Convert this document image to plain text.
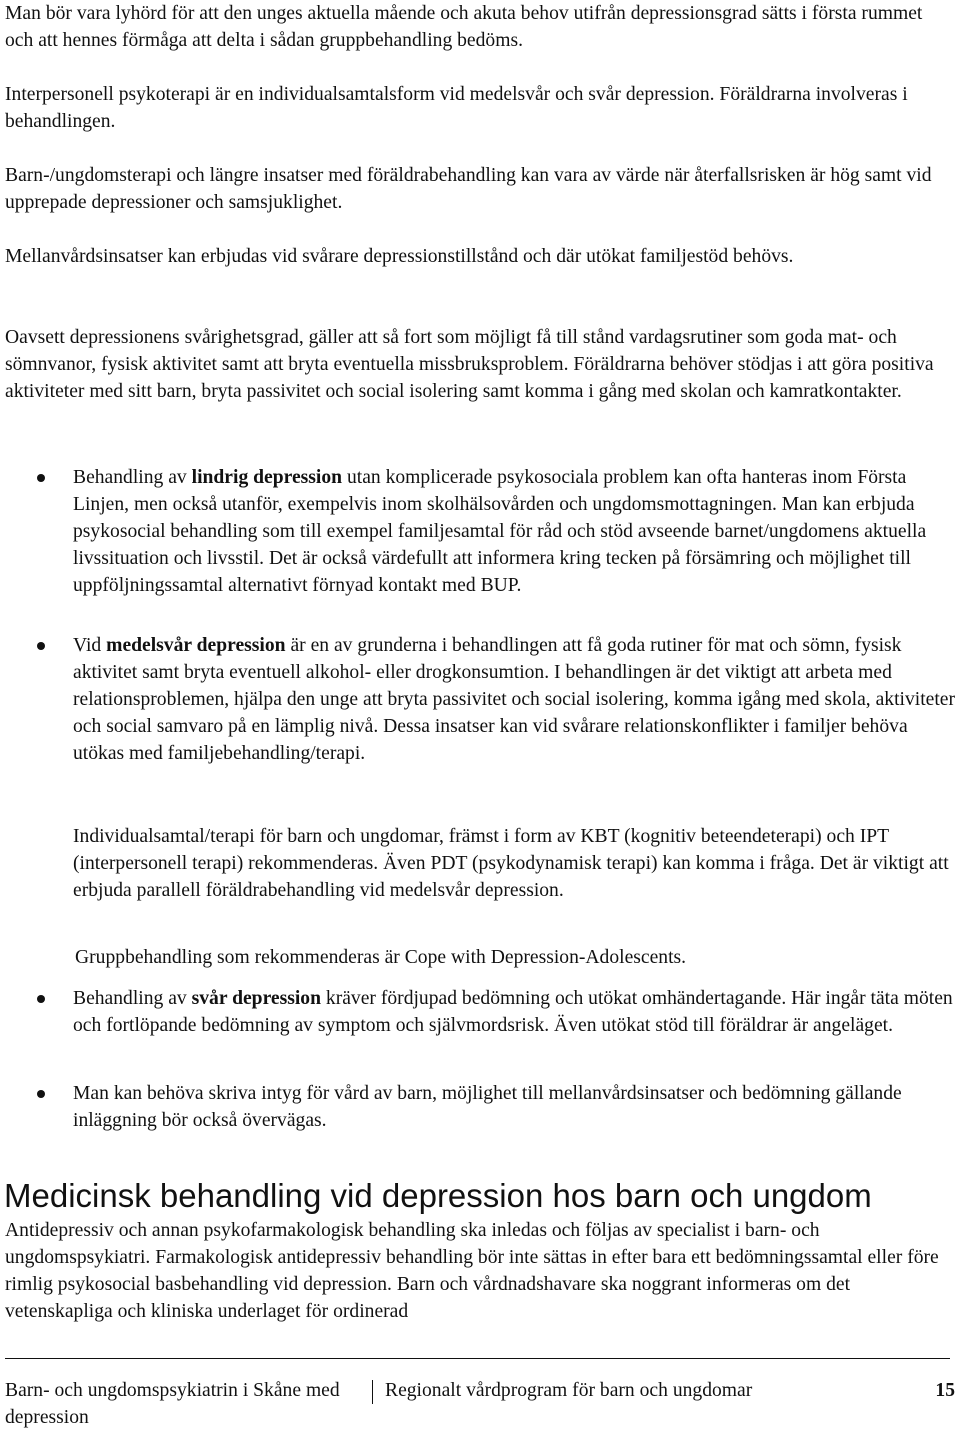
Man bör vara lyhörd för att den unges aktuella mående och akuta behov utifrån depressionsgrad sätts i första rummet och att hennes förmåga att delta i sådan gruppbehandling bedöms.

Interpersonell psykoterapi är en individualsamtalsform vid medelsvår och svår depression. Föräldrarna involveras i behandlingen.

Barn-/ungdomsterapi och längre insatser med föräldrabehandling kan vara av värde när återfallsrisken är hög samt vid upprepade depressioner och samsjuklighet.

Mellanvårdsinsatser kan erbjudas vid svårare depressionstillstånd och där utökat familjestöd behövs.

Oavsett depressionens svårighetsgrad, gäller att så fort som möjligt få till stånd vardagsrutiner som goda mat- och sömnvanor, fysisk aktivitet samt att bryta eventuella missbruksproblem. Föräldrarna behöver stödjas i att göra positiva aktiviteter med sitt barn, bryta passivitet och social isolering samt komma i gång med skolan och kamratkontakter.

Behandling av lindrig depression utan komplicerade psykosociala problem kan ofta hanteras inom Första Linjen, men också utanför, exempelvis inom skolhälsovården och ungdomsmottagningen. Man kan erbjuda psykosocial behandling som till exempel familjesamtal för råd och stöd avseende barnet/ungdomens aktuella livssituation och livsstil. Det är också värdefullt att informera kring tecken på försämring och möjlighet till uppföljningssamtal alternativt förnyad kontakt med BUP.

Vid medelsvår depression är en av grunderna i behandlingen att få goda rutiner för mat och sömn, fysisk aktivitet samt bryta eventuell alkohol- eller drogkonsumtion. I behandlingen är det viktigt att arbeta med relationsproblemen, hjälpa den unge att bryta passivitet och social isolering, komma igång med skola, aktiviteter och social samvaro på en lämplig nivå. Dessa insatser kan vid svårare relationskonflikter i familjer behöva utökas med familjebehandling/terapi.

Individualsamtal/terapi för barn och ungdomar, främst i form av KBT (kognitiv beteendeterapi) och IPT (interpersonell terapi) rekommenderas. Även PDT (psykodynamisk terapi) kan komma i fråga. Det är viktigt att erbjuda parallell föräldrabehandling vid medelsvår depression.

Gruppbehandling som rekommenderas är Cope with Depression-Adolescents.

Behandling av svår depression kräver fördjupad bedömning och utökat omhändertagande. Här ingår täta möten och fortlöpande bedömning av symptom och självmordsrisk. Även utökat stöd till föräldrar är angeläget.

Man kan behöva skriva intyg för vård av barn, möjlighet till mellanvårdsinsatser och bedömning gällande inläggning bör också övervägas.

Medicinsk behandling vid depression hos barn och ungdom

Antidepressiv och annan psykofarmakologisk behandling ska inledas och följas av specialist i barn- och ungdomspsykiatri. Farmakologisk antidepressiv behandling bör inte sättas in efter bara ett bedömningssamtal eller före rimlig psykosocial basbehandling vid depression. Barn och vårdnadshavare ska noggrant informeras om det vetenskapliga och kliniska underlaget för ordinerad

Barn- och ungdomspsykiatrin i Skåne med depression

Regionalt vårdprogram för barn och ungdomar	15
